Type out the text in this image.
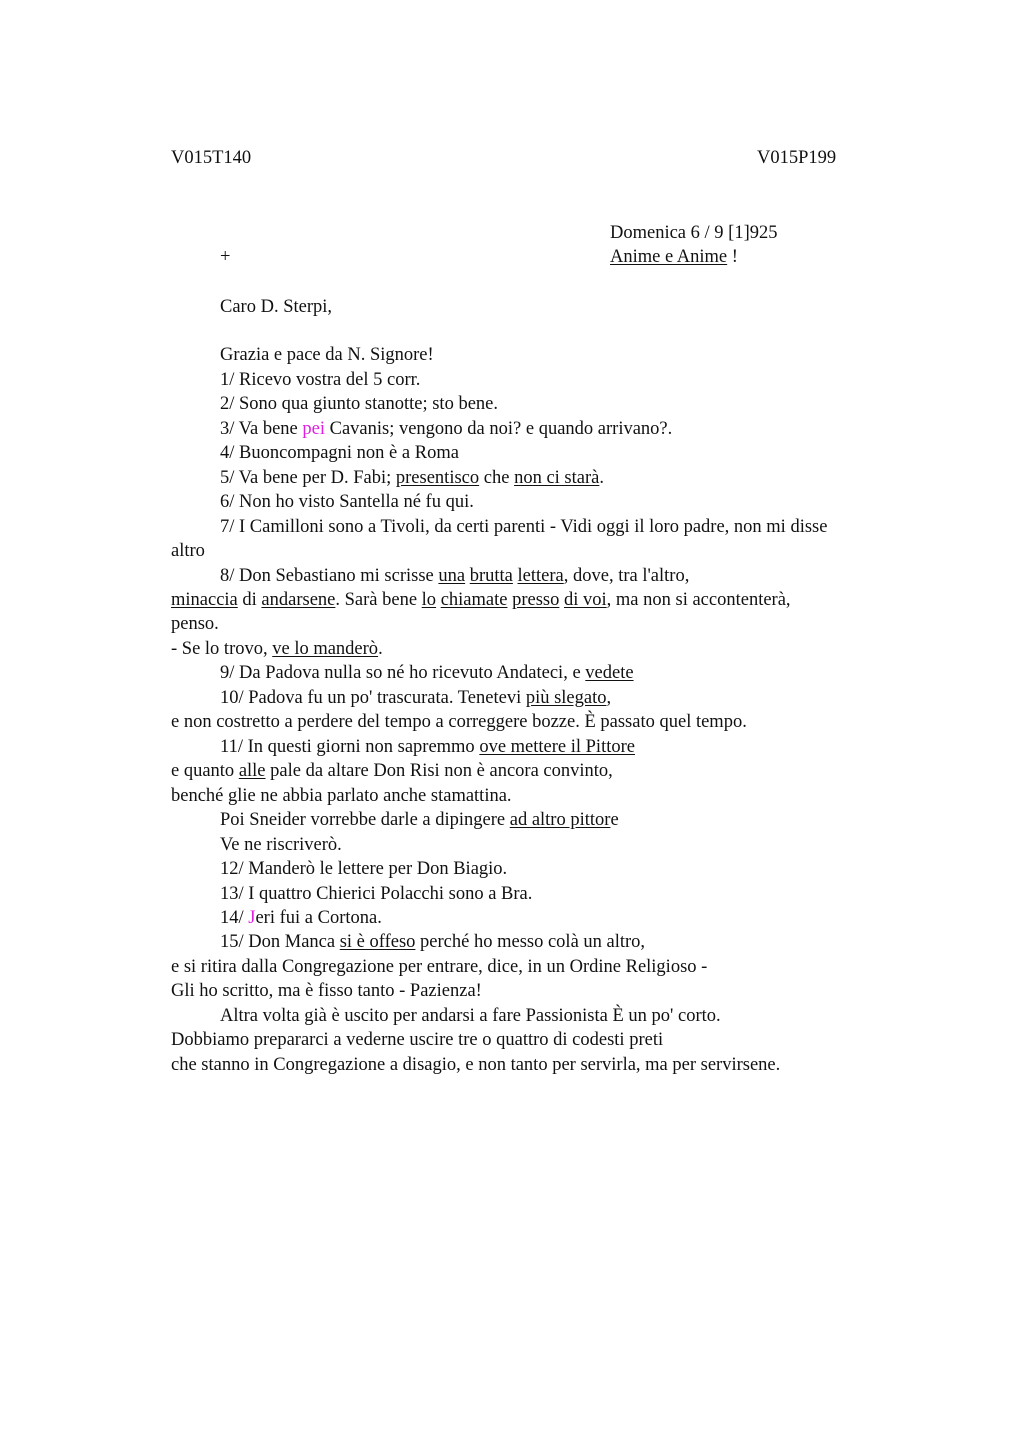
V015T140	V015P199
Domenica 6 / 9 [1]925
+	Anime e Anime !
Caro D. Sterpi,
Grazia e pace da N. Signore!
1/ Ricevo vostra del 5 corr.
2/ Sono qua giunto stanotte; sto bene.
3/ Va bene pei Cavanis; vengono da noi? e quando arrivano?.
4/ Buoncompagni non è a Roma
5/ Va bene per D. Fabi; presentisco che non ci starà.
6/ Non ho visto Santella né fu qui.
7/ I Camilloni sono a Tivoli, da certi parenti - Vidi oggi il loro padre, non mi disse
altro
8/ Don Sebastiano mi scrisse una brutta lettera, dove, tra l'altro,
minaccia di andarsene. Sarà bene lo chiamate presso di voi, ma non si accontenterà,
penso.
- Se lo trovo, ve lo manderò.
9/ Da Padova nulla so né ho ricevuto Andateci, e vedete
10/ Padova fu un po' trascurata. Tenetevi più slegato,
e non costretto a perdere del tempo a correggere bozze. È passato quel tempo.
11/ In questi giorni non sapremmo ove mettere il Pittore
e quanto alle pale da altare Don Risi non è ancora convinto,
benché glie ne abbia parlato anche stamattina.
Poi Sneider vorrebbe darle a dipingere ad altro pittore
Ve ne riscriverò.
12/ Manderò le lettere per Don Biagio.
13/ I quattro Chierici Polacchi sono a Bra.
14/ Jeri fui a Cortona.
15/ Don Manca si è offeso perché ho messo colà un altro,
e si ritira dalla Congregazione per entrare, dice, in un Ordine Religioso -
Gli ho scritto, ma è fisso tanto - Pazienza!
Altra volta già è uscito per andarsi a fare Passionista È un po' corto.
Dobbiamo prepararci a vederne uscire tre o quattro di codesti preti
che stanno in Congregazione a disagio, e non tanto per servirla, ma per servirsene.
